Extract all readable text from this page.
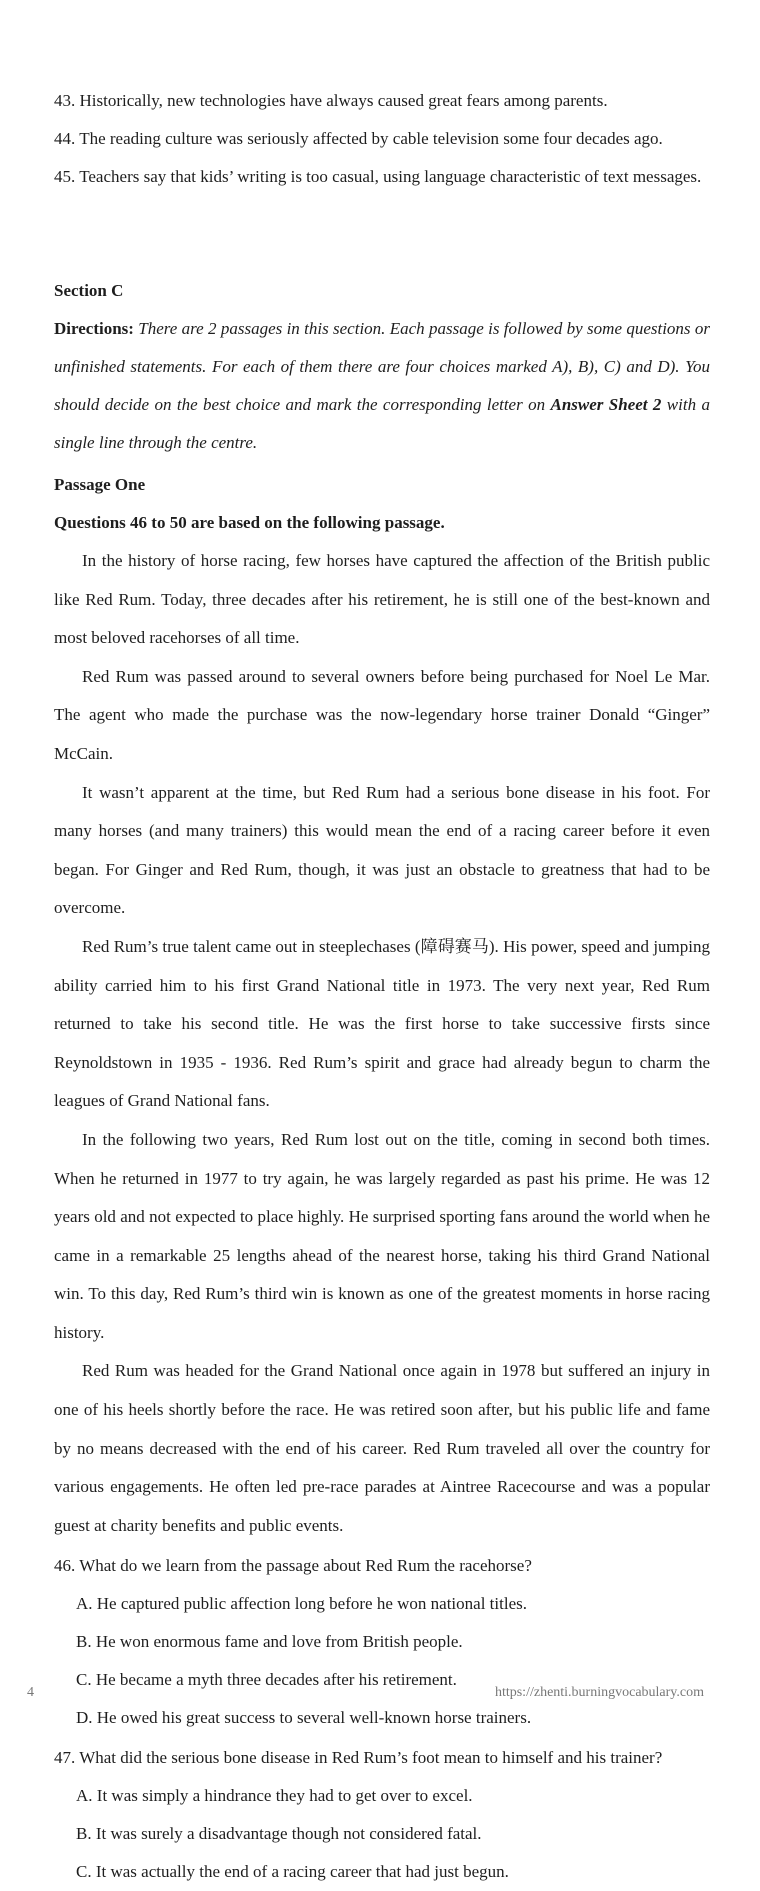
43. Historically, new technologies have always caused great fears among parents.
44. The reading culture was seriously affected by cable television some four decades ago.
45. Teachers say that kids’ writing is too casual, using language characteristic of text messages.
Section C

Directions: There are 2 passages in this section. Each passage is followed by some questions or unfinished statements. For each of them there are four choices marked A), B), C) and D). You should decide on the best choice and mark the corresponding letter on Answer Sheet 2 with a single line through the centre.

Passage One
Questions 46 to 50 are based on the following passage.

In the history of horse racing, few horses have captured the affection of the British public like Red Rum. Today, three decades after his retirement, he is still one of the best-known and most beloved racehorses of all time.

Red Rum was passed around to several owners before being purchased for Noel Le Mar. The agent who made the purchase was the now-legendary horse trainer Donald “Ginger” McCain.

It wasn’t apparent at the time, but Red Rum had a serious bone disease in his foot. For many horses (and many trainers) this would mean the end of a racing career before it even began. For Ginger and Red Rum, though, it was just an obstacle to greatness that had to be overcome.

Red Rum’s true talent came out in steeplechases (障碍赛马). His power, speed and jumping ability carried him to his first Grand National title in 1973. The very next year, Red Rum returned to take his second title. He was the first horse to take successive firsts since Reynoldstown in 1935 - 1936. Red Rum’s spirit and grace had already begun to charm the leagues of Grand National fans.

In the following two years, Red Rum lost out on the title, coming in second both times. When he returned in 1977 to try again, he was largely regarded as past his prime. He was 12 years old and not expected to place highly. He surprised sporting fans around the world when he came in a remarkable 25 lengths ahead of the nearest horse, taking his third Grand National win. To this day, Red Rum’s third win is known as one of the greatest moments in horse racing history.

Red Rum was headed for the Grand National once again in 1978 but suffered an injury in one of his heels shortly before the race. He was retired soon after, but his public life and fame by no means decreased with the end of his career. Red Rum traveled all over the country for various engagements. He often led pre-race parades at Aintree Racecourse and was a popular guest at charity benefits and public events.

46. What do we learn from the passage about Red Rum the racehorse?
A. He captured public affection long before he won national titles.
B. He won enormous fame and love from British people.
C. He became a myth three decades after his retirement.
D. He owed his great success to several well-known horse trainers.
47. What did the serious bone disease in Red Rum’s foot mean to himself and his trainer?
A. It was simply a hindrance they had to get over to excel.
B. It was surely a disadvantage though not considered fatal.
C. It was actually the end of a racing career that had just begun.
4	https://zhenti.burningvocabulary.com
